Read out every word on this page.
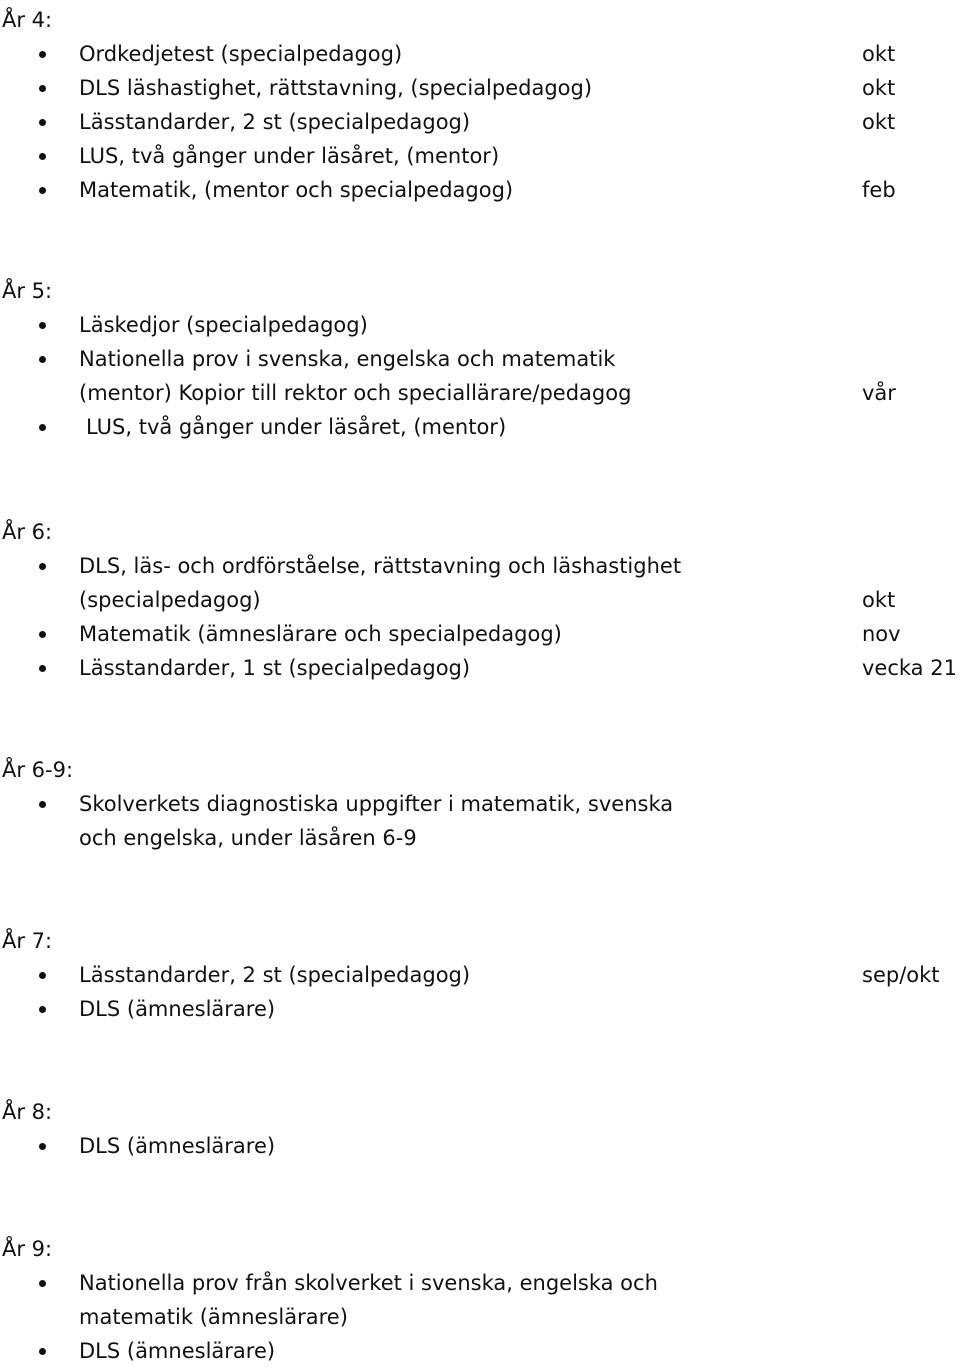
År 4:
Ordkedjetest (specialpedagog)	okt
DLS läshastighet, rättstavning, (specialpedagog)	okt
Lässtandarder, 2 st (specialpedagog)	okt
LUS, två gånger under läsåret, (mentor)
Matematik, (mentor och specialpedagog)	feb
År 5:
Läskedjor (specialpedagog)
Nationella prov i svenska, engelska och matematik
(mentor) Kopior till rektor och speciallärare/pedagog	vår
LUS, två gånger under läsåret, (mentor)
År 6:
DLS, läs- och ordförståelse, rättstavning och läshastighet
(specialpedagog)	okt
Matematik (ämneslärare och specialpedagog)	nov
Lässtandarder, 1 st (specialpedagog)	vecka 21
År 6-9:
Skolverkets diagnostiska uppgifter i matematik, svenska
och engelska, under läsåren 6-9
År 7:
Lässtandarder, 2 st (specialpedagog)	sep/okt
DLS (ämneslärare)
År 8:
DLS (ämneslärare)
År 9:
Nationella prov från skolverket i svenska, engelska och
matematik (ämneslärare)
DLS (ämneslärare)
